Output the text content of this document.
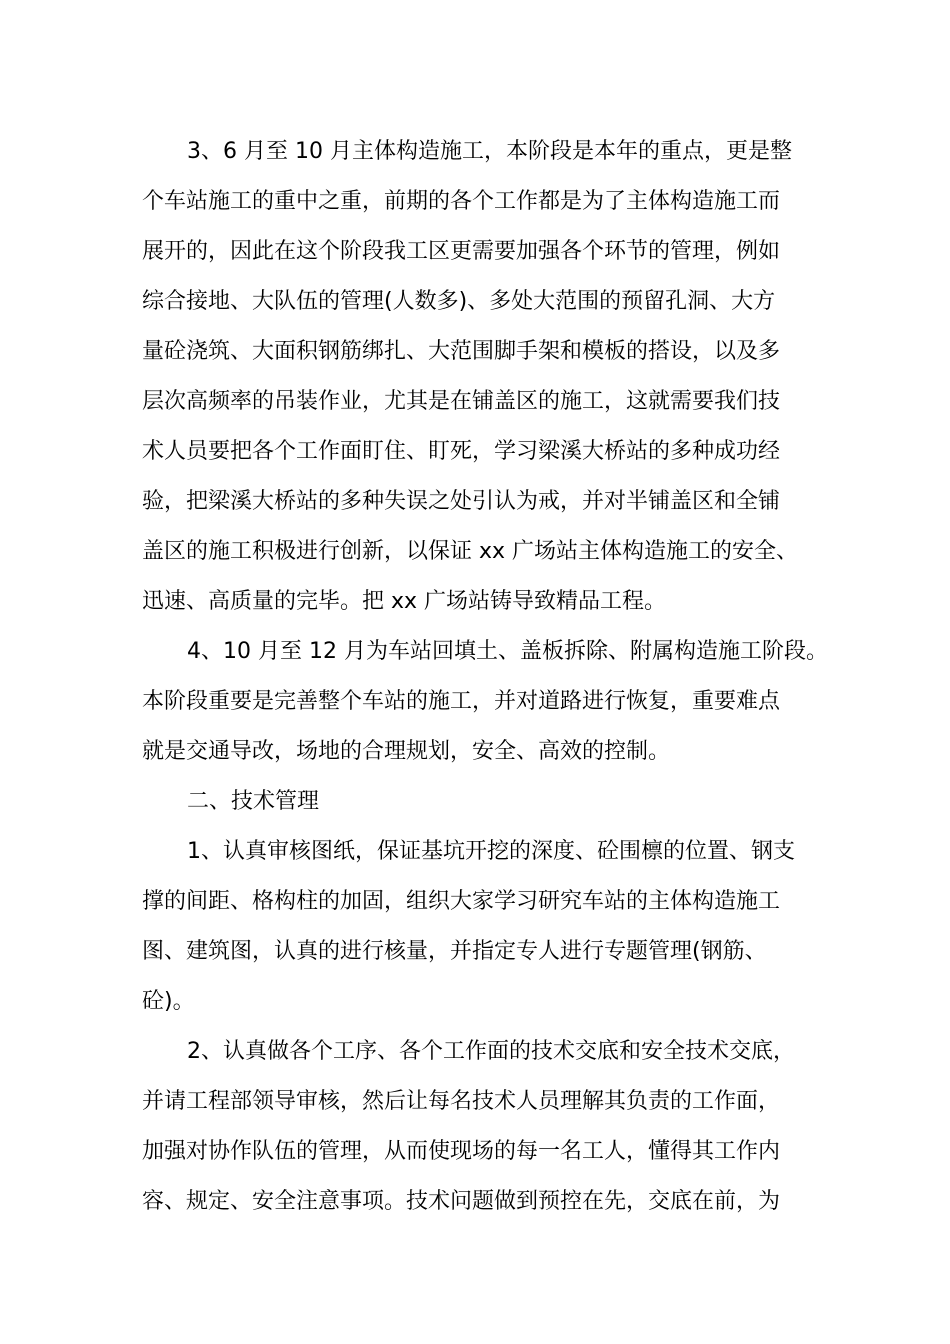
3、6 月至 10 月主体构造施工，本阶段是本年的重点，更是整
个车站施工的重中之重，前期的各个工作都是为了主体构造施工而
展开的，因此在这个阶段我工区更需要加强各个环节的管理，例如
综合接地、大队伍的管理(人数多)、多处大范围的预留孔洞、大方
量砼浇筑、大面积钢筋绑扎、大范围脚手架和模板的搭设，以及多
层次高频率的吊装作业，尤其是在铺盖区的施工，这就需要我们技
术人员要把各个工作面盯住、盯死，学习梁溪大桥站的多种成功经
验，把梁溪大桥站的多种失误之处引认为戒，并对半铺盖区和全铺
盖区的施工积极进行创新，以保证 xx 广场站主体构造施工的安全、
迅速、高质量的完毕。把 xx 广场站铸导致精品工程。
4、10 月至 12 月为车站回填土、盖板拆除、附属构造施工阶段。
本阶段重要是完善整个车站的施工，并对道路进行恢复，重要难点
就是交通导改，场地的合理规划，安全、高效的控制。
二、技术管理
1、认真审核图纸，保证基坑开挖的深度、砼围檩的位置、钢支
撑的间距、格构柱的加固，组织大家学习研究车站的主体构造施工
图、建筑图，认真的进行核量，并指定专人进行专题管理(钢筋、
砼)。
2、认真做各个工序、各个工作面的技术交底和安全技术交底，
并请工程部领导审核，然后让每名技术人员理解其负责的工作面，
加强对协作队伍的管理，从而使现场的每一名工人，懂得其工作内
容、规定、安全注意事项。技术问题做到预控在先，交底在前，为
